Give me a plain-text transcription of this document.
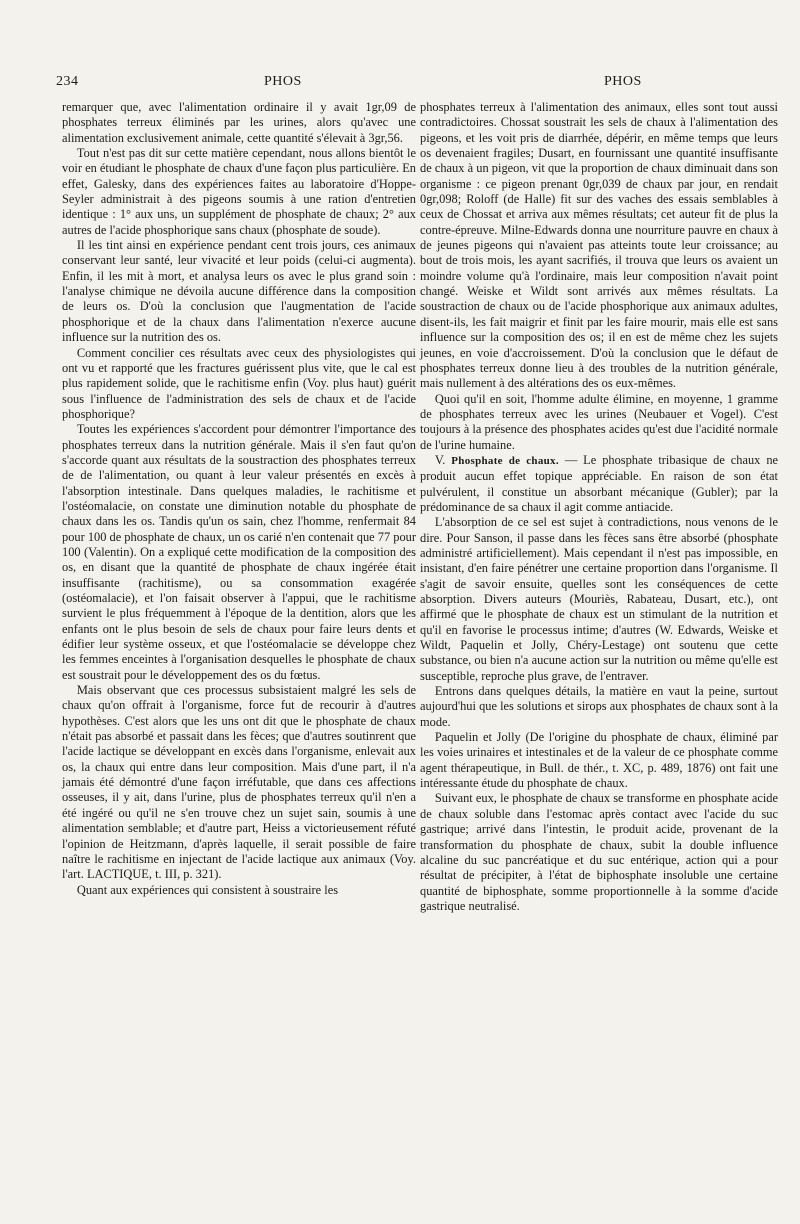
234	PHOS	PHOS

remarquer que, avec l'alimentation ordinaire il y avait 1gr,09 de phosphates terreux éliminés par les urines, alors qu'avec une alimentation exclusivement animale, cette quantité s'élevait à 3gr,56.

Tout n'est pas dit sur cette matière cependant, nous allons bientôt le voir en étudiant le phosphate de chaux d'une façon plus particulière. En effet, Galesky, dans des expériences faites au laboratoire d'Hoppe-Seyler administrait à des pigeons soumis à une ration d'entretien identique : 1° aux uns, un supplément de phosphate de chaux; 2° aux autres de l'acide phosphorique sans chaux (phosphate de soude).

Il les tint ainsi en expérience pendant cent trois jours, ces animaux conservant leur santé, leur vivacité et leur poids (celui-ci augmenta). Enfin, il les mit à mort, et analysa leurs os avec le plus grand soin : l'analyse chimique ne dévoila aucune différence dans la composition de leurs os. D'où la conclusion que l'augmentation de l'acide phosphorique et de la chaux dans l'alimentation n'exerce aucune influence sur la nutrition des os.

Comment concilier ces résultats avec ceux des physiologistes qui ont vu et rapporté que les fractures guérissent plus vite, que le cal est plus rapidement solide, que le rachitisme enfin (Voy. plus haut) guérit sous l'influence de l'administration des sels de chaux et de l'acide phosphorique?

Toutes les expériences s'accordent pour démontrer l'importance des phosphates terreux dans la nutrition générale. Mais il s'en faut qu'on s'accorde quant aux résultats de la soustraction des phosphates terreux de de l'alimentation, ou quant à leur valeur présentés en excès à l'absorption intestinale. Dans quelques maladies, le rachitisme et l'ostéomalacie, on constate une diminution notable du phosphate de chaux dans les os. Tandis qu'un os sain, chez l'homme, renfermait 84 pour 100 de phosphate de chaux, un os carié n'en contenait que 77 pour 100 (Valentin). On a expliqué cette modification de la composition des os, en disant que la quantité de phosphate de chaux ingérée était insuffisante (rachitisme), ou sa consommation exagérée (ostéomalacie), et l'on faisait observer à l'appui, que le rachitisme survient le plus fréquemment à l'époque de la dentition, alors que les enfants ont le plus besoin de sels de chaux pour faire leurs dents et édifier leur système osseux, et que l'ostéomalacie se développe chez les femmes enceintes à l'organisation desquelles le phosphate de chaux est soustrait pour le développement des os du fœtus.

Mais observant que ces processus subsistaient malgré les sels de chaux qu'on offrait à l'organisme, force fut de recourir à d'autres hypothèses. C'est alors que les uns ont dit que le phosphate de chaux n'était pas absorbé et passait dans les fèces; que d'autres soutinrent que l'acide lactique se développant en excès dans l'organisme, enlevait aux os, la chaux qui entre dans leur composition. Mais d'une part, il n'a jamais été démontré d'une façon irréfutable, que dans ces affections osseuses, il y ait, dans l'urine, plus de phosphates terreux qu'il n'en a été ingéré ou qu'il ne s'en trouve chez un sujet sain, soumis à une alimentation semblable; et d'autre part, Heiss a victorieusement réfuté l'opinion de Heitzmann, d'après laquelle, il serait possible de faire naître le rachitisme en injectant de l'acide lactique aux animaux (Voy. l'art. LACTIQUE, t. III, p. 321).

Quant aux expériences qui consistent à soustraire les

phosphates terreux à l'alimentation des animaux, elles sont tout aussi contradictoires. Chossat soustrait les sels de chaux à l'alimentation des pigeons, et les voit pris de diarrhée, dépérir, en même temps que leurs os devenaient fragiles; Dusart, en fournissant une quantité insuffisante de chaux à un pigeon, vit que la proportion de chaux diminuait dans son organisme : ce pigeon prenant 0gr,039 de chaux par jour, en rendait 0gr,098; Roloff (de Halle) fit sur des vaches des essais semblables à ceux de Chossat et arriva aux mêmes résultats; cet auteur fit de plus la contre-épreuve. Milne-Edwards donna une nourriture pauvre en chaux à de jeunes pigeons qui n'avaient pas atteints toute leur croissance; au bout de trois mois, les ayant sacrifiés, il trouva que leurs os avaient un moindre volume qu'à l'ordinaire, mais leur composition n'avait point changé. Weiske et Wildt sont arrivés aux mêmes résultats. La soustraction de chaux ou de l'acide phosphorique aux animaux adultes, disent-ils, les fait maigrir et finit par les faire mourir, mais elle est sans influence sur la composition des os; il en est de même chez les sujets jeunes, en voie d'accroissement. D'où la conclusion que le défaut de phosphates terreux donne lieu à des troubles de la nutrition générale, mais nullement à des altérations des os eux-mêmes.

Quoi qu'il en soit, l'homme adulte élimine, en moyenne, 1 gramme de phosphates terreux avec les urines (Neubauer et Vogel). C'est toujours à la présence des phosphates acides qu'est due l'acidité normale de l'urine humaine.

V. Phosphate de chaux. — Le phosphate tribasique de chaux ne produit aucun effet topique appréciable. En raison de son état pulvérulent, il constitue un absorbant mécanique (Gubler); par la prédominance de sa chaux il agit comme antiacide.

L'absorption de ce sel est sujet à contradictions, nous venons de le dire. Pour Sanson, il passe dans les fèces sans être absorbé (phosphate administré artificiellement). Mais cependant il n'est pas impossible, en insistant, d'en faire pénétrer une certaine proportion dans l'organisme. Il s'agit de savoir ensuite, quelles sont les conséquences de cette absorption. Divers auteurs (Mouriès, Rabateau, Dusart, etc.), ont affirmé que le phosphate de chaux est un stimulant de la nutrition et qu'il en favorise le processus intime; d'autres (W. Edwards, Weiske et Wildt, Paquelin et Jolly, Chéry-Lestage) ont soutenu que cette substance, ou bien n'a aucune action sur la nutrition ou même qu'elle est susceptible, reproche plus grave, de l'entraver.

Entrons dans quelques détails, la matière en vaut la peine, surtout aujourd'hui que les solutions et sirops aux phosphates de chaux sont à la mode.

Paquelin et Jolly (De l'origine du phosphate de chaux, éliminé par les voies urinaires et intestinales et de la valeur de ce phosphate comme agent thérapeutique, in Bull. de thér., t. XC, p. 489, 1876) ont fait une intéressante étude du phosphate de chaux.

Suivant eux, le phosphate de chaux se transforme en phosphate acide de chaux soluble dans l'estomac après contact avec l'acide du suc gastrique; arrivé dans l'intestin, le produit acide, provenant de la transformation du phosphate de chaux, subit la double influence alcaline du suc pancréatique et du suc entérique, action qui a pour résultat de précipiter, à l'état de biphosphate insoluble une certaine quantité de biphosphate, somme proportionnelle à la somme d'acide gastrique neutralisé.
